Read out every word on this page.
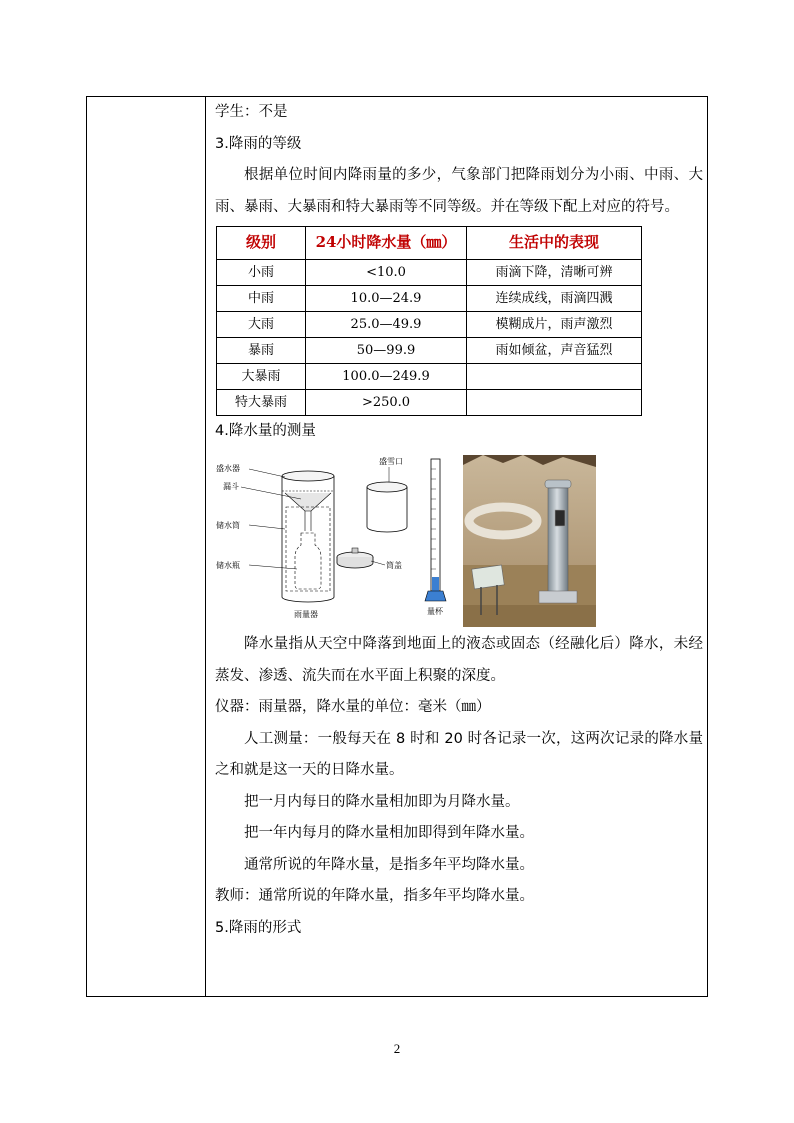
学生：不是

3.降雨的等级

根据单位时间内降雨量的多少，气象部门把降雨划分为小雨、中雨、大雨、暴雨、大暴雨和特大暴雨等不同等级。并在等级下配上对应的符号。

级别	24小时降水量（㎜）	生活中的表现
小雨	<10.0	雨滴下降，清晰可辨
中雨	10.0—24.9	连续成线，雨滴四溅
大雨	25.0—49.9	模糊成片，雨声激烈
暴雨	50—99.9	雨如倾盆，声音猛烈
大暴雨	100.0—249.9	
特大暴雨	>250.0	

4.降水量的测量

盛水器
漏斗
储水筒
储水瓶
雨量器
盛雪口
筒盖
量杯

降水量指从天空中降落到地面上的液态或固态（经融化后）降水，未经蒸发、渗透、流失而在水平面上积聚的深度。

仪器：雨量器，降水量的单位：毫米（㎜）

人工测量：一般每天在 8 时和 20 时各记录一次，这两次记录的降水量之和就是这一天的日降水量。

把一月内每日的降水量相加即为月降水量。

把一年内每月的降水量相加即得到年降水量。

通常所说的年降水量，是指多年平均降水量。

教师：通常所说的年降水量，指多年平均降水量。

5.降雨的形式

2
